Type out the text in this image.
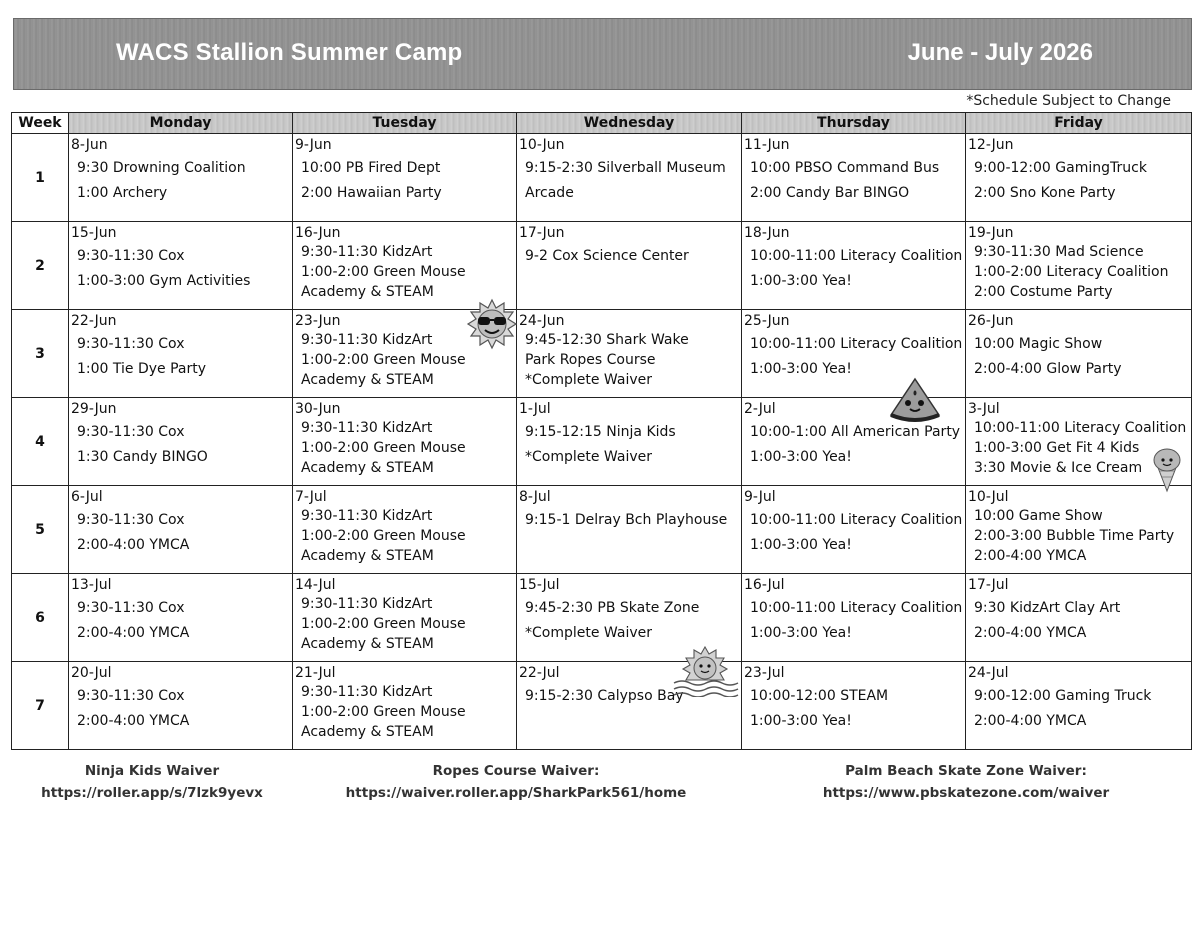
WACS Stallion Summer Camp	June - July 2026
*Schedule Subject to Change
Week	Monday	Tuesday	Wednesday	Thursday	Friday
1	8-Jun
9:30 Drowning Coalition
1:00 Archery	9-Jun
10:00 PB Fired Dept
2:00 Hawaiian Party	10-Jun
9:15-2:30 Silverball Museum
Arcade	11-Jun
10:00 PBSO Command Bus
2:00 Candy Bar BINGO	12-Jun
9:00-12:00 GamingTruck
2:00 Sno Kone Party

2	15-Jun
9:30-11:30 Cox
1:00-3:00 Gym Activities	16-Jun
9:30-11:30 KidzArt
1:00-2:00 Green Mouse
Academy & STEAM	17-Jun
9-2 Cox Science Center	18-Jun
10:00-11:00 Literacy Coalition
1:00-3:00 Yea!	19-Jun
9:30-11:30 Mad Science
1:00-2:00 Literacy Coalition
2:00 Costume Party

3	22-Jun
9:30-11:30 Cox
1:00 Tie Dye Party	23-Jun
9:30-11:30 KidzArt
1:00-2:00 Green Mouse
Academy & STEAM	24-Jun
9:45-12:30 Shark Wake
Park Ropes Course
*Complete Waiver	25-Jun
10:00-11:00 Literacy Coalition
1:00-3:00 Yea!	26-Jun
10:00 Magic Show
2:00-4:00 Glow Party

4	29-Jun
9:30-11:30 Cox
1:30 Candy BINGO	30-Jun
9:30-11:30 KidzArt
1:00-2:00 Green Mouse
Academy & STEAM	1-Jul
9:15-12:15 Ninja Kids
*Complete Waiver	2-Jul
10:00-1:00 All American Party
1:00-3:00 Yea!	3-Jul
10:00-11:00 Literacy Coalition
1:00-3:00 Get Fit 4 Kids
3:30 Movie & Ice Cream

5	6-Jul
9:30-11:30 Cox
2:00-4:00 YMCA	7-Jul
9:30-11:30 KidzArt
1:00-2:00 Green Mouse
Academy & STEAM	8-Jul
9:15-1 Delray Bch Playhouse	9-Jul
10:00-11:00 Literacy Coalition
1:00-3:00 Yea!	10-Jul
10:00 Game Show
2:00-3:00 Bubble Time Party
2:00-4:00 YMCA

6	13-Jul
9:30-11:30 Cox
2:00-4:00 YMCA	14-Jul
9:30-11:30 KidzArt
1:00-2:00 Green Mouse
Academy & STEAM	15-Jul
9:45-2:30 PB Skate Zone
*Complete Waiver	16-Jul
10:00-11:00 Literacy Coalition
1:00-3:00 Yea!	17-Jul
9:30 KidzArt Clay Art
2:00-4:00 YMCA

7	20-Jul
9:30-11:30 Cox
2:00-4:00 YMCA	21-Jul
9:30-11:30 KidzArt
1:00-2:00 Green Mouse
Academy & STEAM	22-Jul
9:15-2:30 Calypso Bay	23-Jul
10:00-12:00 STEAM
1:00-3:00 Yea!	24-Jul
9:00-12:00 Gaming Truck
2:00-4:00 YMCA
Ninja Kids Waiver
https://roller.app/s/7lzk9yevx
Ropes Course Waiver:
https://waiver.roller.app/SharkPark561/home
Palm Beach Skate Zone Waiver:
https://www.pbskatezone.com/waiver
